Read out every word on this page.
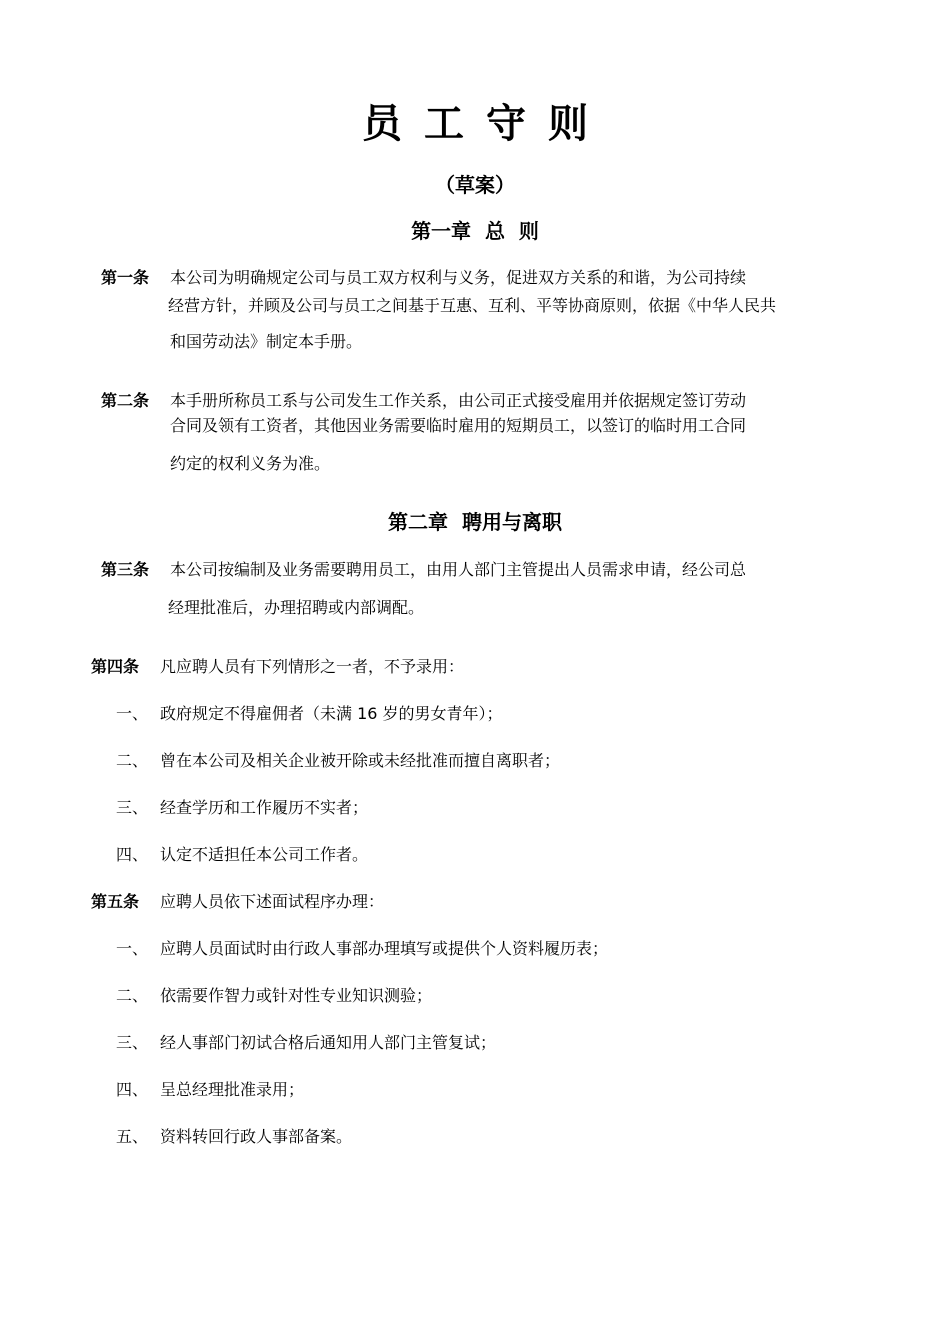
员工守则
（草案）
第一章  总  则
第一条 本公司为明确规定公司与员工双方权利与义务，促进双方关系的和谐，为公司持续
经营方针，并顾及公司与员工之间基于互惠、互利、平等协商原则，依据《中华人民共
和国劳动法》制定本手册。
第二条 本手册所称员工系与公司发生工作关系，由公司正式接受雇用并依据规定签订劳动
合同及领有工资者，其他因业务需要临时雇用的短期员工，以签订的临时用工合同
约定的权利义务为准。
第二章  聘用与离职
第三条 本公司按编制及业务需要聘用员工，由用人部门主管提出人员需求申请，经公司总
经理批准后，办理招聘或内部调配。
第四条 凡应聘人员有下列情形之一者，不予录用：
一、 政府规定不得雇佣者（未满 16 岁的男女青年）；
二、 曾在本公司及相关企业被开除或未经批准而擅自离职者；
三、 经查学历和工作履历不实者；
四、 认定不适担任本公司工作者。
第五条 应聘人员依下述面试程序办理：
一、 应聘人员面试时由行政人事部办理填写或提供个人资料履历表；
二、 依需要作智力或针对性专业知识测验；
三、 经人事部门初试合格后通知用人部门主管复试；
四、 呈总经理批准录用；
五、 资料转回行政人事部备案。
